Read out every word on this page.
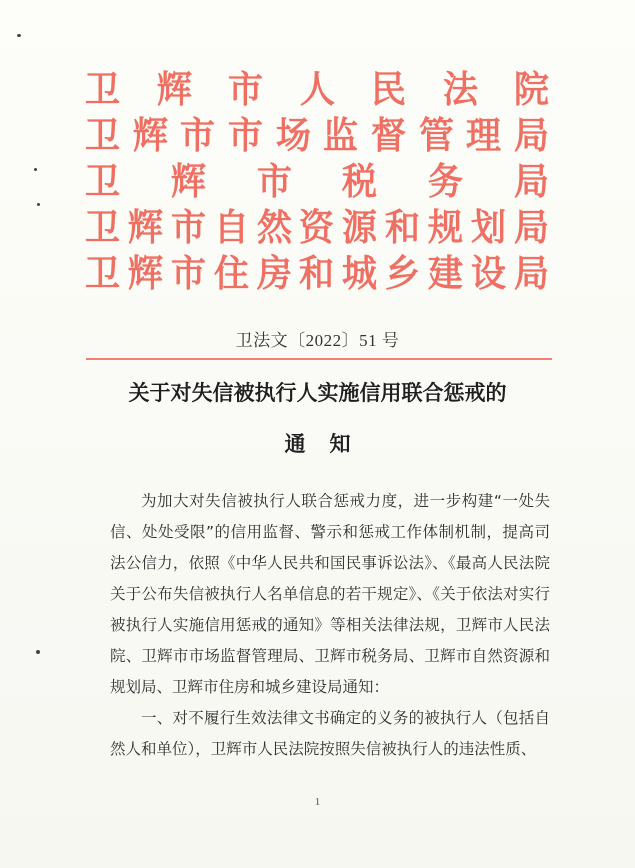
卫 辉 市 人 民 法 院
卫 辉 市 市 场 监 督 管 理 局
卫 辉 市 税 务 局
卫 辉 市 自 然 资 源 和 规 划 局
卫 辉 市 住 房 和 城 乡 建 设 局
卫法文〔2022〕51 号
关于对失信被执行人实施信用联合惩戒的
通知

为加大对失信被执行人联合惩戒力度，进一步构建“一处失信、处处受限”的信用监督、警示和惩戒工作体制机制，提高司法公信力，依照《中华人民共和国民事诉讼法》、《最高人民法院关于公布失信被执行人名单信息的若干规定》、《关于依法对实行被执行人实施信用惩戒的通知》等相关法律法规，卫辉市人民法院、卫辉市市场监督管理局、卫辉市税务局、卫辉市自然资源和规划局、卫辉市住房和城乡建设局通知：

一、对不履行生效法律文书确定的义务的被执行人（包括自然人和单位），卫辉市人民法院按照失信被执行人的违法性质、

1
